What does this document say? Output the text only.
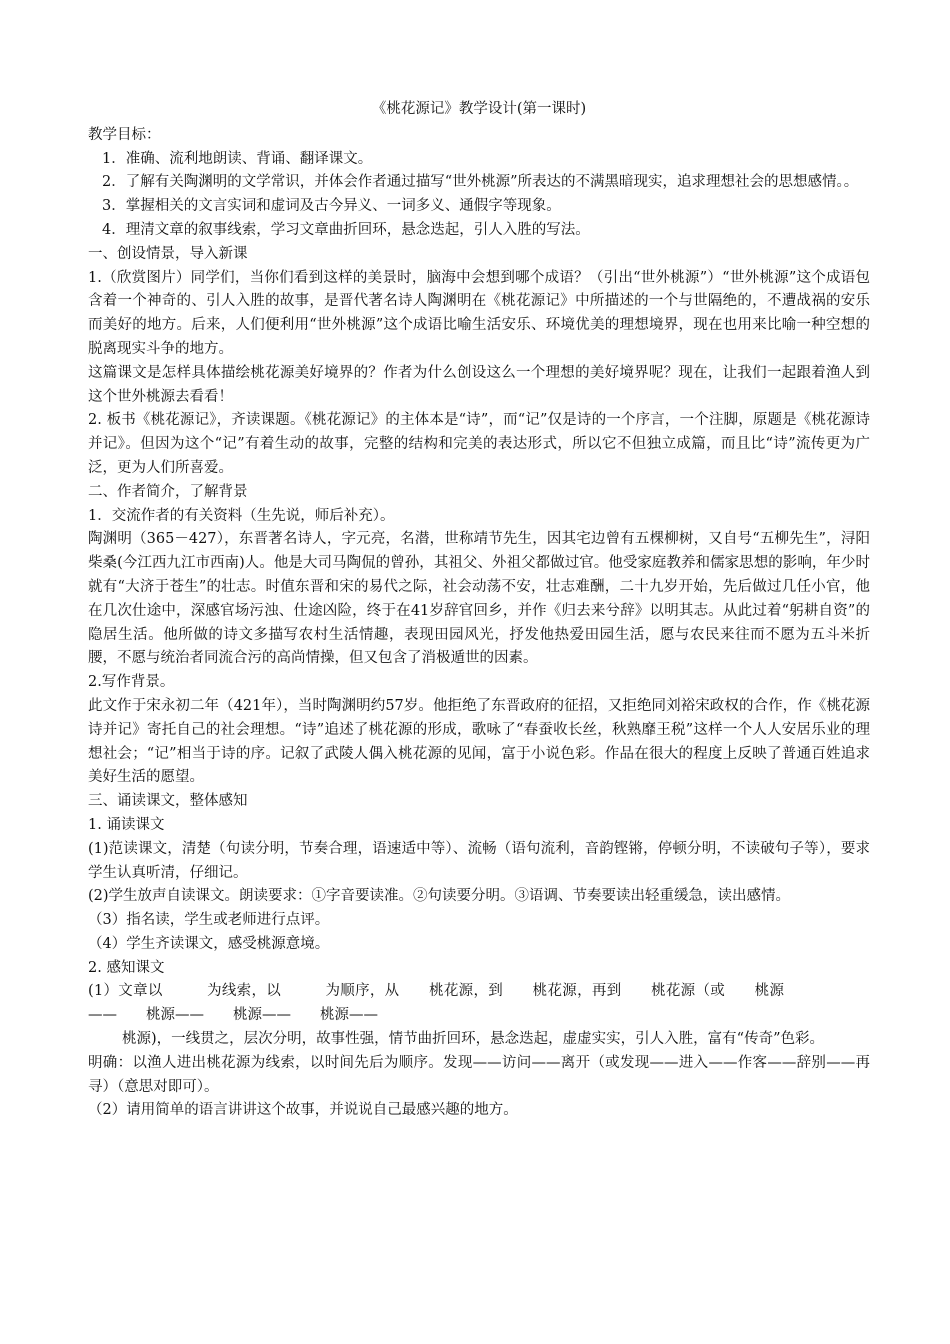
《桃花源记》教学设计(第一课时)

教学目标：

1．准确、流利地朗读、背诵、翻译课文。

2．了解有关陶渊明的文学常识，并体会作者通过描写“世外桃源”所表达的不满黑暗现实，追求理想社会的思想感情。。

3．掌握相关的文言实词和虚词及古今异义、一词多义、通假字等现象。

4．理清文章的叙事线索，学习文章曲折回环，悬念迭起，引人入胜的写法。

一、创设情景，导入新课

1.（欣赏图片）同学们，当你们看到这样的美景时，脑海中会想到哪个成语？（引出“世外桃源”）“世外桃源”这个成语包含着一个神奇的、引人入胜的故事，是晋代著名诗人陶渊明在《桃花源记》中所描述的一个与世隔绝的，不遭战祸的安乐而美好的地方。后来，人们便利用“世外桃源”这个成语比喻生活安乐、环境优美的理想境界，现在也用来比喻一种空想的脱离现实斗争的地方。

这篇课文是怎样具体描绘桃花源美好境界的？作者为什么创设这么一个理想的美好境界呢？现在，让我们一起跟着渔人到这个世外桃源去看看！

2. 板书《桃花源记》，齐读课题。《桃花源记》的主体本是“诗”，而“记”仅是诗的一个序言，一个注脚，原题是《桃花源诗并记》。但因为这个“记”有着生动的故事，完整的结构和完美的表达形式，所以它不但独立成篇，而且比“诗”流传更为广泛，更为人们所喜爱。

二、作者简介，了解背景

1．交流作者的有关资料（生先说，师后补充）。

陶渊明（365－427），东晋著名诗人，字元亮，名潜，世称靖节先生，因其宅边曾有五棵柳树，又自号“五柳先生”，浔阳柴桑(今江西九江市西南)人。他是大司马陶侃的曾孙，其祖父、外祖父都做过官。他受家庭教养和儒家思想的影响，年少时就有“大济于苍生”的壮志。时值东晋和宋的易代之际，社会动荡不安，壮志难酬，二十九岁开始，先后做过几任小官，他在几次仕途中，深感官场污浊、仕途凶险，终于在41岁辞官回乡，并作《归去来兮辞》以明其志。从此过着“躬耕自资”的隐居生活。他所做的诗文多描写农村生活情趣，表现田园风光，抒发他热爱田园生活，愿与农民来往而不愿为五斗米折腰，不愿与统治者同流合污的高尚情操，但又包含了消极遁世的因素。

2.写作背景。

此文作于宋永初二年（421年），当时陶渊明约57岁。他拒绝了东晋政府的征招，又拒绝同刘裕宋政权的合作，作《桃花源诗并记》寄托自己的社会理想。“诗”追述了桃花源的形成，歌咏了“春蚕收长丝，秋熟靡王税”这样一个人人安居乐业的理想社会；“记”相当于诗的序。记叙了武陵人偶入桃花源的见闻，富于小说色彩。作品在很大的程度上反映了普通百姓追求美好生活的愿望。

三、诵读课文，整体感知

1. 诵读课文

(1)范读课文，清楚（句读分明，节奏合理，语速适中等）、流畅（语句流利，音韵铿锵，停顿分明，不读破句子等），要求学生认真听清，仔细记。

(2)学生放声自读课文。朗读要求：①字音要读准。②句读要分明。③语调、节奏要读出轻重缓急，读出感情。

（3）指名读，学生或老师进行点评。

（4）学生齐读课文，感受桃源意境。

2. 感知课文

(1）文章以　　　为线索，以　　　为顺序，从　　桃花源，到　　桃花源，再到　　桃花源（或　　桃源

——　　桃源——　　桃源——　　桃源——

桃源)，一线贯之，层次分明，故事性强，情节曲折回环，悬念迭起，虚虚实实，引人入胜，富有“传奇”色彩。

明确：以渔人进出桃花源为线索，以时间先后为顺序。发现——访问——离开（或发现——进入——作客——辞别——再寻）（意思对即可）。

（2）请用简单的语言讲讲这个故事，并说说自己最感兴趣的地方。
